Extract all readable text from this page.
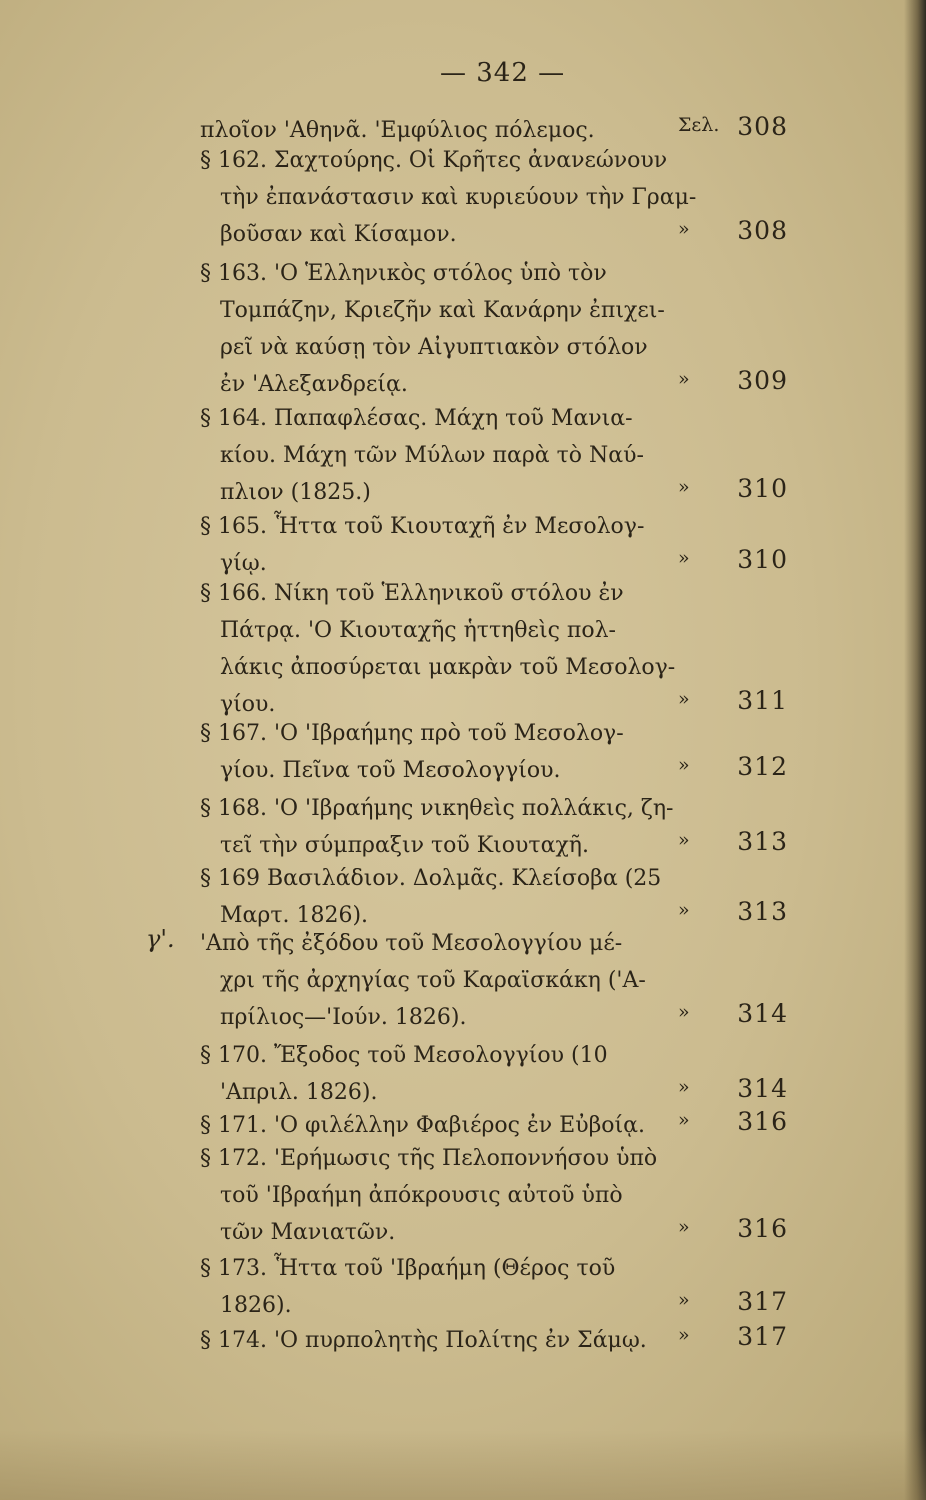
— 342 —
γ'.
πλοῖον 'Αθηνᾶ. 'Εμφύλιος πόλεμος.	Σελ. 308
§ 162. Σαχτούρης. Οἱ Κρῆτες ἀνανεώνουν
τὴν ἐπανάστασιν καὶ κυριεύουν τὴν Γραμ-
βοῦσαν καὶ Κίσαμον.	» 308
§ 163. 'Ο Ἑλληνικὸς στόλος ὑπὸ τὸν
Τομπάζην, Κριεζῆν καὶ Κανάρην ἐπιχει-
ρεῖ νὰ καύσῃ τὸν Αἰγυπτιακὸν στόλον
ἐν 'Αλεξανδρείᾳ.	» 309
§ 164. Παπαφλέσας. Μάχη τοῦ Μανια-
κίου. Μάχη τῶν Μύλων παρὰ τὸ Ναύ-
πλιον (1825.)	» 310
§ 165. Ἧττα τοῦ Κιουταχῆ ἐν Μεσολογ-
γίῳ.	» 310
§ 166. Νίκη τοῦ Ἑλληνικοῦ στόλου ἐν
Πάτρᾳ. 'Ο Κιουταχῆς ἡττηθεὶς πολ-
λάκις ἀποσύρεται μακρὰν τοῦ Μεσολογ-
γίου.	» 311
§ 167. 'Ο 'Ιβραήμης πρὸ τοῦ Μεσολογ-
γίου. Πεῖνα τοῦ Μεσολογγίου.	» 312
§ 168. 'Ο 'Ιβραήμης νικηθεὶς πολλάκις, ζη-
τεῖ τὴν σύμπραξιν τοῦ Κιουταχῆ.	» 313
§ 169 Βασιλάδιον. Δολμᾶς. Κλείσοβα (25
Μαρτ. 1826).	» 313
'Απὸ τῆς ἐξόδου τοῦ Μεσολογγίου μέ-
χρι τῆς ἀρχηγίας τοῦ Καραϊσκάκη ('Α-
πρίλιος—'Ιούν. 1826).	» 314
§ 170. Ἔξοδος τοῦ Μεσολογγίου (10
'Απριλ. 1826).	» 314
§ 171. 'Ο φιλέλλην Φαβιέρος ἐν Εὐβοίᾳ.	» 316
§ 172. 'Ερήμωσις τῆς Πελοποννήσου ὑπὸ
τοῦ 'Ιβραήμη ἀπόκρουσις αὐτοῦ ὑπὸ
τῶν Μανιατῶν.	» 316
§ 173. Ἧττα τοῦ 'Ιβραήμη (Θέρος τοῦ
1826).	» 317
§ 174. 'Ο πυρπολητὴς Πολίτης ἐν Σάμῳ.	» 317
